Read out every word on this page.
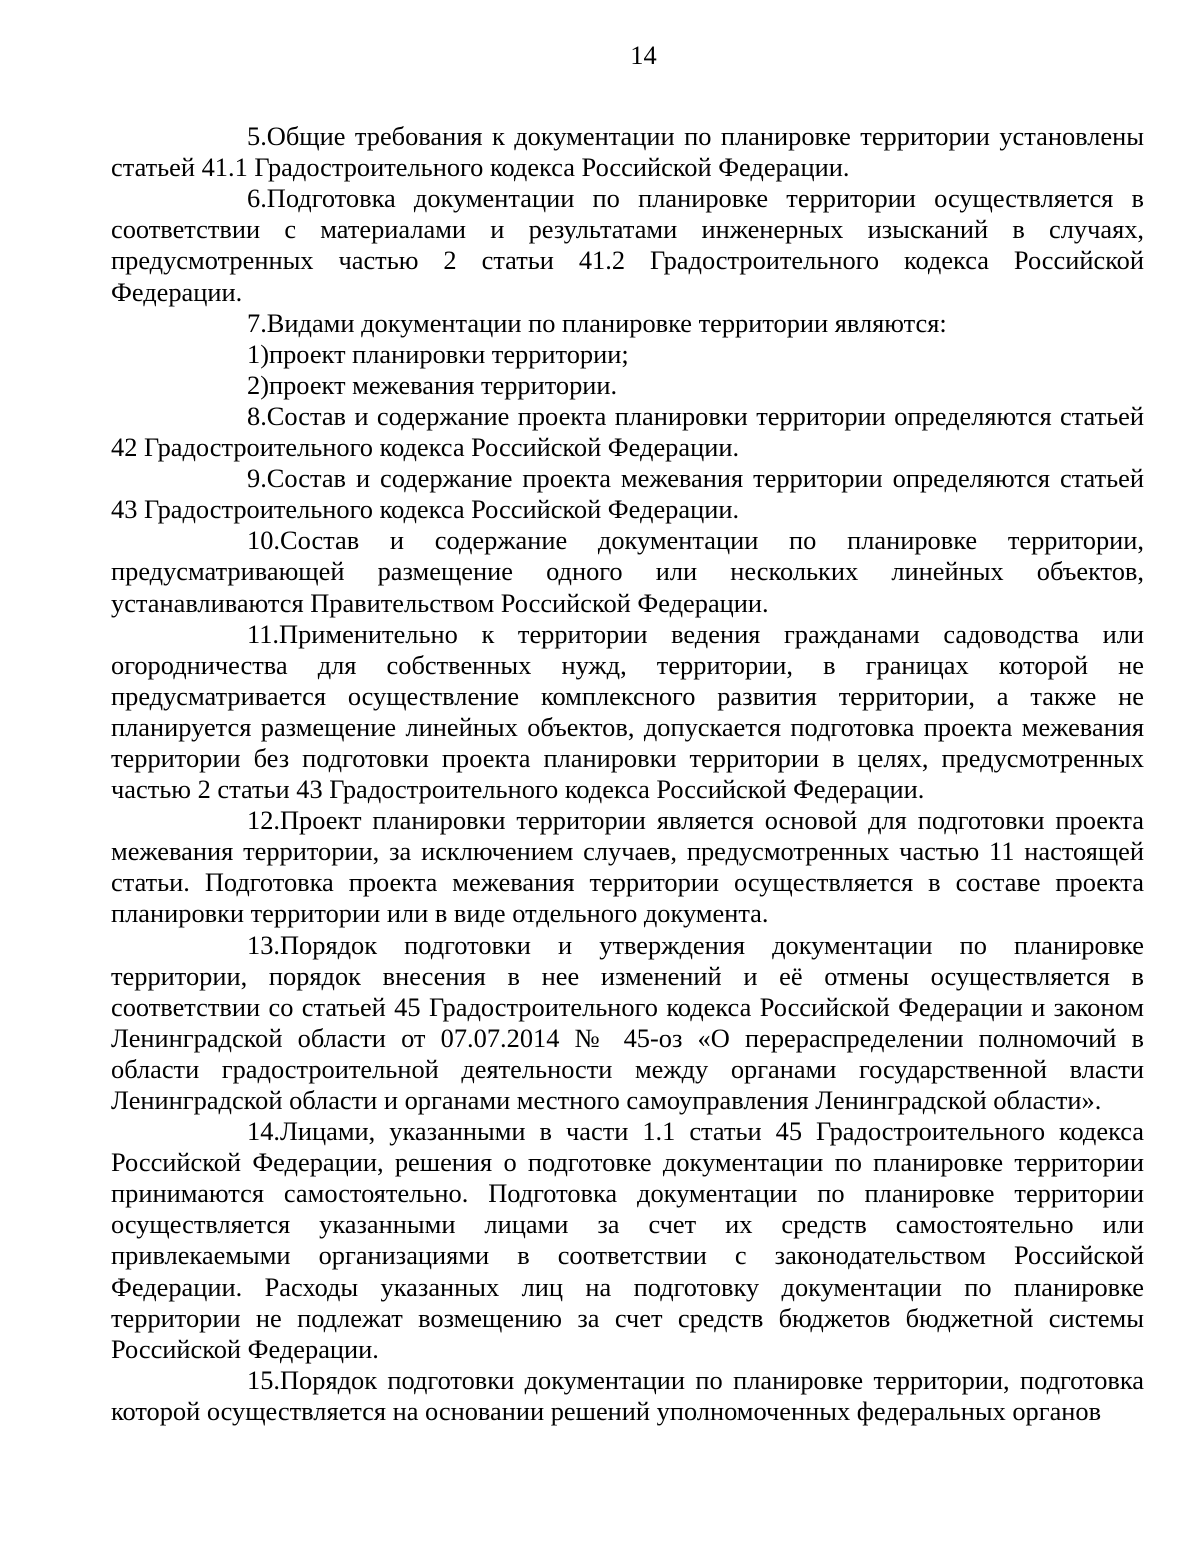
14

5.Общие требования к документации по планировке территории установлены статьей 41.1 Градостроительного кодекса Российской Федерации.

6.Подготовка документации по планировке территории осуществляется в соответствии с материалами и результатами инженерных изысканий в случаях, предусмотренных частью 2 статьи 41.2 Градостроительного кодекса Российской Федерации.

7.Видами документации по планировке территории являются:

1)проект планировки территории;

2)проект межевания территории.

8.Состав и содержание проекта планировки территории определяются статьей 42 Градостроительного кодекса Российской Федерации.

9.Состав и содержание проекта межевания территории определяются статьей 43 Градостроительного кодекса Российской Федерации.

10.Состав и содержание документации по планировке территории, предусматривающей размещение одного или нескольких линейных объектов, устанавливаются Правительством Российской Федерации.

11.Применительно к территории ведения гражданами садоводства или огородничества для собственных нужд, территории, в границах которой не предусматривается осуществление комплексного развития территории, а также не планируется размещение линейных объектов, допускается подготовка проекта межевания территории без подготовки проекта планировки территории в целях, предусмотренных частью 2 статьи 43 Градостроительного кодекса Российской Федерации.

12.Проект планировки территории является основой для подготовки проекта межевания территории, за исключением случаев, предусмотренных частью 11 настоящей статьи. Подготовка проекта межевания территории осуществляется в составе проекта планировки территории или в виде отдельного документа.

13.Порядок подготовки и утверждения документации по планировке территории, порядок внесения в нее изменений и её отмены осуществляется в соответствии со статьей 45 Градостроительного кодекса Российской Федерации и законом Ленинградской области от 07.07.2014 № 45-оз «О перераспределении полномочий в области градостроительной деятельности между органами государственной власти Ленинградской области и органами местного самоуправления Ленинградской области».

14.Лицами, указанными в части 1.1 статьи 45 Градостроительного кодекса Российской Федерации, решения о подготовке документации по планировке территории принимаются самостоятельно. Подготовка документации по планировке территории осуществляется указанными лицами за счет их средств самостоятельно или привлекаемыми организациями в соответствии с законодательством Российской Федерации. Расходы указанных лиц на подготовку документации по планировке территории не подлежат возмещению за счет средств бюджетов бюджетной системы Российской Федерации.

15.Порядок подготовки документации по планировке территории, подготовка которой осуществляется на основании решений уполномоченных федеральных органов
